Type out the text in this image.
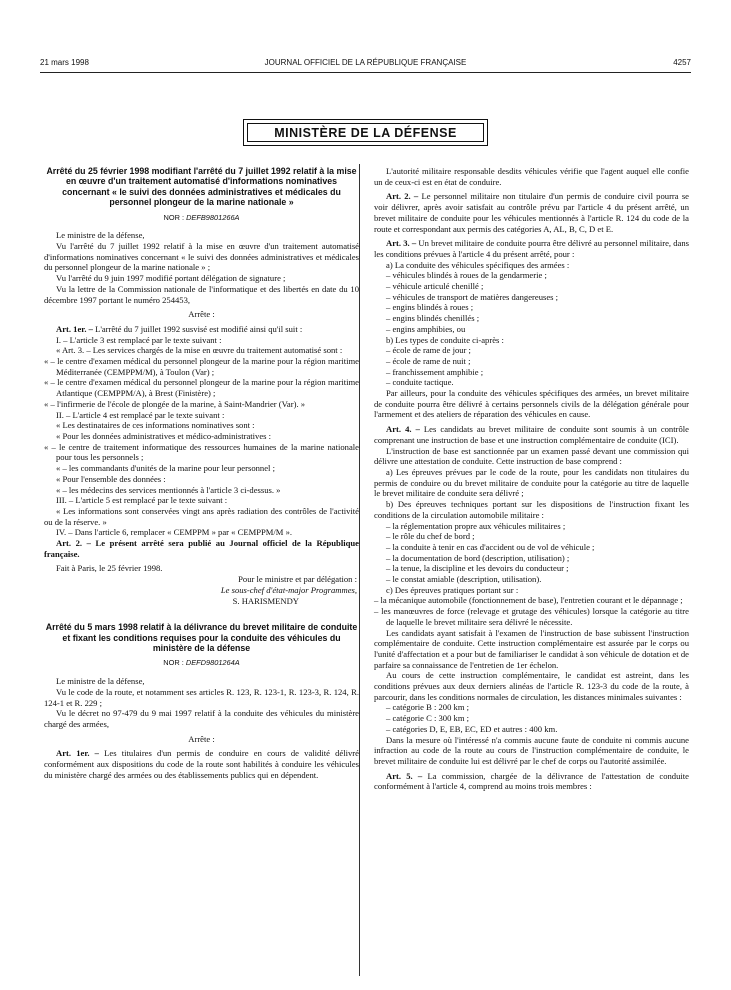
21 mars 1998	JOURNAL OFFICIEL DE LA RÉPUBLIQUE FRANÇAISE	4257
MINISTÈRE DE LA DÉFENSE

Arrêté du 25 février 1998 modifiant l'arrêté du 7 juillet 1992 relatif à la mise en œuvre d'un traitement automatisé d'informations nominatives concernant « le suivi des données administratives et médicales du personnel plongeur de la marine nationale »

NOR : DEFB9801266A

Le ministre de la défense,

Vu l'arrêté du 7 juillet 1992 relatif à la mise en œuvre d'un traitement automatisé d'informations nominatives concernant « le suivi des données administratives et médicales du personnel plongeur de la marine nationale » ;

Vu l'arrêté du 9 juin 1997 modifié portant délégation de signature ;

Vu la lettre de la Commission nationale de l'informatique et des libertés en date du 10 décembre 1997 portant le numéro 254453,

Arrête :

Art. 1er. – L'arrêté du 7 juillet 1992 susvisé est modifié ainsi qu'il suit :

I. – L'article 3 est remplacé par le texte suivant :

« Art. 3. – Les services chargés de la mise en œuvre du traitement automatisé sont :

« – le centre d'examen médical du personnel plongeur de la marine pour la région maritime Méditerranée (CEMPPM/M), à Toulon (Var) ;

« – le centre d'examen médical du personnel plongeur de la marine pour la région maritime Atlantique (CEMPPM/A), à Brest (Finistère) ;

« – l'infirmerie de l'école de plongée de la marine, à Saint-Mandrier (Var). »

II. – L'article 4 est remplacé par le texte suivant :

« Les destinataires de ces informations nominatives sont :

« Pour les données administratives et médico-administratives :

« – le centre de traitement informatique des ressources humaines de la marine nationale pour tous les personnels ;

« – les commandants d'unités de la marine pour leur personnel ;

« Pour l'ensemble des données :

« – les médecins des services mentionnés à l'article 3 ci-dessus. »

III. – L'article 5 est remplacé par le texte suivant :

« Les informations sont conservées vingt ans après radiation des contrôles de l'activité ou de la réserve. »

IV. – Dans l'article 6, remplacer « CEMPPM » par « CEMPPM/M ».

Art. 2. – Le présent arrêté sera publié au Journal officiel de la République française.

Fait à Paris, le 25 février 1998.

Pour le ministre et par délégation :

Le sous-chef d'état-major Programmes,

S. HARISMENDY

Arrêté du 5 mars 1998 relatif à la délivrance du brevet militaire de conduite et fixant les conditions requises pour la conduite des véhicules du ministère de la défense

NOR : DEFD9801264A

Le ministre de la défense,

Vu le code de la route, et notamment ses articles R. 123, R. 123-1, R. 123-3, R. 124, R. 124-1 et R. 229 ;

Vu le décret no 97-479 du 9 mai 1997 relatif à la conduite des véhicules du ministère chargé des armées,

Arrête :

Art. 1er. – Les titulaires d'un permis de conduire en cours de validité délivré conformément aux dispositions du code de la route sont habilités à conduire les véhicules du ministère chargé des armées ou des établissements publics qui en dépendent.

L'autorité militaire responsable desdits véhicules vérifie que l'agent auquel elle confie un de ceux-ci est en état de conduire.

Art. 2. – Le personnel militaire non titulaire d'un permis de conduire civil pourra se voir délivrer, après avoir satisfait au contrôle prévu par l'article 4 du présent arrêté, un brevet militaire de conduite pour les véhicules mentionnés à l'article R. 124 du code de la route et correspondant aux permis des catégories A, AL, B, C, D et E.

Art. 3. – Un brevet militaire de conduite pourra être délivré au personnel militaire, dans les conditions prévues à l'article 4 du présent arrêté, pour :

a) La conduite des véhicules spécifiques des armées :

– véhicules blindés à roues de la gendarmerie ;

– véhicule articulé chenillé ;

– véhicules de transport de matières dangereuses ;

– engins blindés à roues ;

– engins blindés chenillés ;

– engins amphibies, ou

b) Les types de conduite ci-après :

– école de rame de jour ;

– école de rame de nuit ;

– franchissement amphibie ;

– conduite tactique.

Par ailleurs, pour la conduite des véhicules spécifiques des armées, un brevet militaire de conduite pourra être délivré à certains personnels civils de la délégation générale pour l'armement et des ateliers de réparation des véhicules en cause.

Art. 4. – Les candidats au brevet militaire de conduite sont soumis à un contrôle comprenant une instruction de base et une instruction complémentaire de conduite (ICI).

L'instruction de base est sanctionnée par un examen passé devant une commission qui délivre une attestation de conduite. Cette instruction de base comprend :

a) Les épreuves prévues par le code de la route, pour les candidats non titulaires du permis de conduire ou du brevet militaire de conduite pour la catégorie au titre de laquelle le brevet militaire de conduite sera délivré ;

b) Des épreuves techniques portant sur les dispositions de l'instruction fixant les conditions de la circulation automobile militaire :

– la réglementation propre aux véhicules militaires ;

– le rôle du chef de bord ;

– la conduite à tenir en cas d'accident ou de vol de véhicule ;

– la documentation de bord (description, utilisation) ;

– la tenue, la discipline et les devoirs du conducteur ;

– le constat amiable (description, utilisation).

c) Des épreuves pratiques portant sur :

– la mécanique automobile (fonctionnement de base), l'entretien courant et le dépannage ;

– les manœuvres de force (relevage et grutage des véhicules) lorsque la catégorie au titre de laquelle le brevet militaire sera délivré le nécessite.

Les candidats ayant satisfait à l'examen de l'instruction de base subissent l'instruction complémentaire de conduite. Cette instruction complémentaire est assurée par le corps ou l'unité d'affectation et a pour but de familiariser le candidat à son véhicule de dotation et de parfaire sa connaissance de l'entretien de 1er échelon.

Au cours de cette instruction complémentaire, le candidat est astreint, dans les conditions prévues aux deux derniers alinéas de l'article R. 123-3 du code de la route, à parcourir, dans les conditions normales de circulation, les distances minimales suivantes :

– catégorie B : 200 km ;

– catégorie C : 300 km ;

– catégories D, E, EB, EC, ED et autres : 400 km.

Dans la mesure où l'intéressé n'a commis aucune faute de conduite ni commis aucune infraction au code de la route au cours de l'instruction complémentaire de conduite, le brevet militaire de conduite lui est délivré par le chef de corps ou l'autorité assimilée.

Art. 5. – La commission, chargée de la délivrance de l'attestation de conduite conformément à l'article 4, comprend au moins trois membres :
